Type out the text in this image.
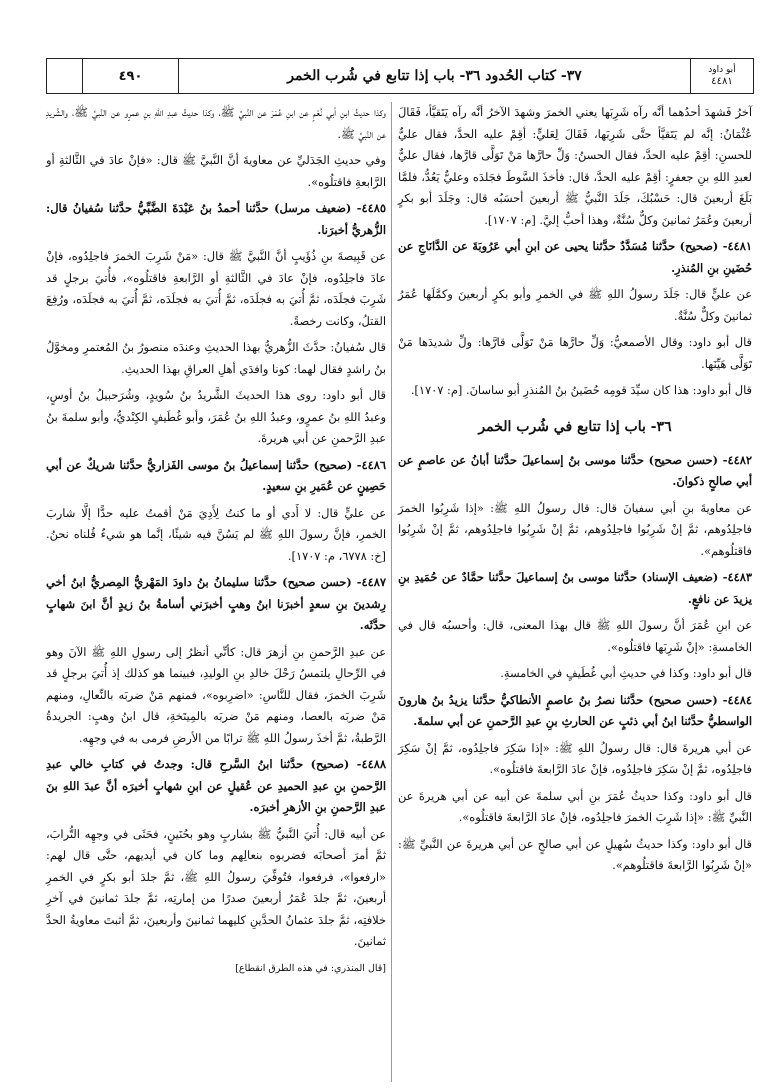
أبو داود
٤٤٨١
٣٧- كتاب الحُدود ٣٦- باب إذا تتابع في شُرب الخمر
٤٩٠

آخرُ فَشهدَ أحدُهما أنَّه رآه شَرِبَها يعني الخمرَ وشهدَ الآخرُ أنَّه رآه يَتَقيَّأ، فَقَالَ عُثْمَانُ: إنَّه لم يَتَقيَّأ حتَّى شَرِبَها، فَقَالَ لِعَليٍّ: أقِمْ عليه الحدَّ، فقال عليٌّ للحسنِ: أقِمْ عليه الحدَّ، فقال الحسنُ: وَلِّ حارَّها مَنْ تَوَلَّى قارَّها، فقال عليٌّ لعبدِ اللهِ بنِ جعفرٍ: أقِمْ عليه الحدَّ، قال: فأخذَ السَّوطَ فجَلدَه وعليٌّ يَعُدُّ، فلمَّا بَلَغَ أربعينَ قال: حَسْبُكَ، جَلَدَ النَّبيُّ ﷺ أربعينَ أحسَبُه قال: وجَلَدَ أبو بكرٍ أربعينَ وعُمَرُ ثمانينَ وكلٌّ سُنَّةٌ، وهذا أحبُّ إليَّ. [م: ١٧٠٧].

٤٤٨١- (صحيح) حدَّثنا مُسَدَّدٌ حدَّثنا يحيى عن ابنِ أبي عَرُوبَةَ عن الدَّانَاجِ عن حُضَينِ بنِ المُنذرِ.

عن عليٍّ قال: جَلَدَ رسولُ اللهِ ﷺ في الخمرِ وأبو بكرٍ أربعينَ وكمَّلَها عُمَرُ ثمانينَ وكلٌّ سُنَّةٌ.

قال أبو داود: وقال الأصمعيُّ: وَلِّ حارَّها مَنْ تَوَلَّى قارَّها: ولِّ شديدَها مَنْ تَوَلَّى هَيِّنَها.

قال أبو داود: هذا كان سيِّدَ قومِه حُضَينُ بنُ المُنذرِ أبو ساسانَ. [م: ١٧٠٧].

٣٦- باب إذا تتابع في شُرب الخمر

٤٤٨٢- (حسن صحيح) حدَّثنا موسى بنُ إسماعيلَ حدَّثنا أبانُ عن عاصمٍ عن أبي صالحٍ ذكوانَ.

عن معاويةَ بنِ أبي سفيانَ قال: قال رسولُ اللهِ ﷺ: «إذا شَرِبُوا الخمرَ فاجلِدُوهم، ثمَّ إنْ شَرِبُوا فاجلِدُوهم، ثمَّ إنْ شَرِبُوا فاجلِدُوهم، ثمَّ إنْ شَرِبُوا فاقتلُوهم».

٤٤٨٣- (ضعيف الإسناد) حدَّثنا موسى بنُ إسماعيلَ حدَّثنا حمَّادٌ عن حُمَيدِ بنِ يزيدَ عن نافعٍ.

عن ابنِ عُمَرَ أنَّ رسولَ اللهِ ﷺ قال بهذا المعنى، قال: وأحسبُه قال في الخامسةِ: «إنْ شَرِبَها فاقتلُوه».

قال أبو داود: وكذا في حديثِ أبي غُطَيفٍ في الخامسةِ.

٤٤٨٤- (حسن صحيح) حدَّثنا نصرُ بنُ عاصمٍ الأنطاكيُّ حدَّثنا يزيدُ بنُ هارونَ الواسطيُّ حدَّثنا ابنُ أبي ذئبٍ عن الحارثِ بنِ عبدِ الرَّحمنِ عن أبي سلمةَ.

عن أبي هريرةَ قال: قال رسولُ اللهِ ﷺ: «إذا سَكِرَ فاجلِدُوه، ثمَّ إنْ سَكِرَ فاجلِدُوه، ثمَّ إنْ سَكِرَ فاجلِدُوه، فإنْ عادَ الرَّابعةَ فاقتلُوه».

قال أبو داود: وكذا حديثُ عُمَرَ بنِ أبي سلمةَ عن أبيه عن أبي هريرةَ عن النَّبيِّ ﷺ: «إذا شَرِبَ الخمرَ فاجلِدُوه، فإنْ عادَ الرَّابعةَ فاقتلُوه».

قال أبو داود: وكذا حديثُ سُهيلٍ عن أبي صالحٍ عن أبي هريرةَ عن النَّبيِّ ﷺ: «إنْ شَرِبُوا الرَّابعةَ فاقتلُوهم».

وكذا حديثُ ابنِ أبي نُعْمٍ عن ابنِ عُمَرَ عن النَّبيِّ ﷺ، وكذا حديثُ عبدِ اللهِ بنِ عمرٍو عن النَّبيِّ ﷺ، والشَّريدِ عن النَّبيِّ ﷺ.

وفي حديثِ الجَدَليِّ عن معاويةَ أنَّ النَّبيَّ ﷺ قال: «فإنْ عادَ في الثَّالثةِ أو الرَّابعةِ فاقتلُوه».

٤٤٨٥- (ضعيف مرسل) حدَّثنا أحمدُ بنُ عَبْدَةَ الضَّبِّيُّ حدَّثنا سُفيانُ قال: الزُّهريُّ أخبرَنا.

عن قَبِيصةَ بنِ ذُؤَيبٍ أنَّ النَّبيَّ ﷺ قال: «مَنْ شَرِبَ الخمرَ فاجلِدُوه، فإنْ عادَ فاجلِدُوه، فإنْ عادَ في الثَّالثةِ أو الرَّابعةِ فاقتلُوه»، فأُتيَ برجلٍ قد شَرِبَ فجلَدَه، ثمَّ أُتيَ به فجلَدَه، ثمَّ أُتيَ به فجلَدَه، ثمَّ أُتيَ به فجلَدَه، ورُفِعَ القتلُ، وكانت رخصةً.

قال سُفيانُ: حدَّثَ الزُّهريُّ بهذا الحديثِ وعندَه منصورُ بنُ المُعتمرِ ومخوَّلُ بنُ راشدٍ فقال لهما: كونا وافدَي أهلِ العراقِ بهذا الحديثِ.

قال أبو داود: روى هذا الحديثَ الشَّريدُ بنُ سُويدٍ، وشُرَحبيلُ بنُ أوسٍ، وعبدُ اللهِ بنُ عمرٍو، وعبدُ اللهِ بنُ عُمَرَ، وأبو غُطَيفٍ الكِنْديُّ، وأبو سلمةَ بنُ عبدِ الرَّحمنِ عن أبي هريرةَ.

٤٤٨٦- (صحيح) حدَّثنا إسماعيلُ بنُ موسى الفَزاريُّ حدَّثنا شريكٌ عن أبي حَصِينٍ عن عُمَيرِ بنِ سعيدٍ.

عن عليٍّ قال: لا أَدي أو ما كنتُ لِأَدِيَ مَنْ أقمتُ عليه حدًّا إلَّا شاربَ الخمرِ، فإنَّ رسولَ اللهِ ﷺ لم يَسُنَّ فيه شيئًا، إنَّما هو شيءٌ قُلناه نحنُ. [خ: ٦٧٧٨، م: ١٧٠٧].

٤٤٨٧- (حسن صحيح) حدَّثنا سليمانُ بنُ داودَ المَهْريُّ المِصريُّ ابنُ أخي رِشدينَ بنِ سعدٍ أخبرَنا ابنُ وهبٍ أخبرَني أسامةُ بنُ زيدٍ أنَّ ابنَ شهابٍ حدَّثَه.

عن عبدِ الرَّحمنِ بنِ أزهرَ قال: كأنِّي أنظرُ إلى رسولِ اللهِ ﷺ الآنَ وهو في الرِّحالِ يلتمسُ رَحْلَ خالدِ بنِ الوليدِ، فبينما هو كذلك إذ أُتيَ برجلٍ قد شَرِبَ الخمرَ، فقال للنَّاسِ: «اضرِبوه»، فمنهم مَنْ ضربَه بالنِّعالِ، ومنهم مَنْ ضربَه بالعصا، ومنهم مَنْ ضربَه بالمِيتَخةِ، قال ابنُ وهبٍ: الجريدةُ الرَّطبةُ، ثمَّ أخذَ رسولُ اللهِ ﷺ ترابًا من الأرضِ فرمى به في وجهِه.

٤٤٨٨- (صحيح) حدَّثنا ابنُ السَّرحِ قال: وجدتُ في كتابِ خالي عبدِ الرَّحمنِ بنِ عبدِ الحميدِ عن عُقيلٍ عن ابنِ شهابٍ أخبرَه أنَّ عبدَ اللهِ بنَ عبدِ الرَّحمنِ بنِ الأزهرِ أخبرَه.

عن أبيه قال: أُتيَ النَّبيُّ ﷺ بشاربٍ وهو بحُنَينٍ، فحَثَى في وجهِه التُّرابَ، ثمَّ أمرَ أصحابَه فضربوه بنعالِهم وما كان في أيديهم، حتَّى قال لهم: «ارفعوا»، فرفعوا، فتُوفِّيَ رسولُ اللهِ ﷺ، ثمَّ جلدَ أبو بكرٍ في الخمرِ أربعينَ، ثمَّ جلدَ عُمَرُ أربعينَ صدرًا من إمارتِه، ثمَّ جلدَ ثمانينَ في آخرِ خلافتِه، ثمَّ جلدَ عثمانُ الحدَّينِ كليهما ثمانينَ وأربعينَ، ثمَّ أثبتَ معاويةُ الحدَّ ثمانينَ.

[قال المنذري: في هذه الطرق انقطاع]
